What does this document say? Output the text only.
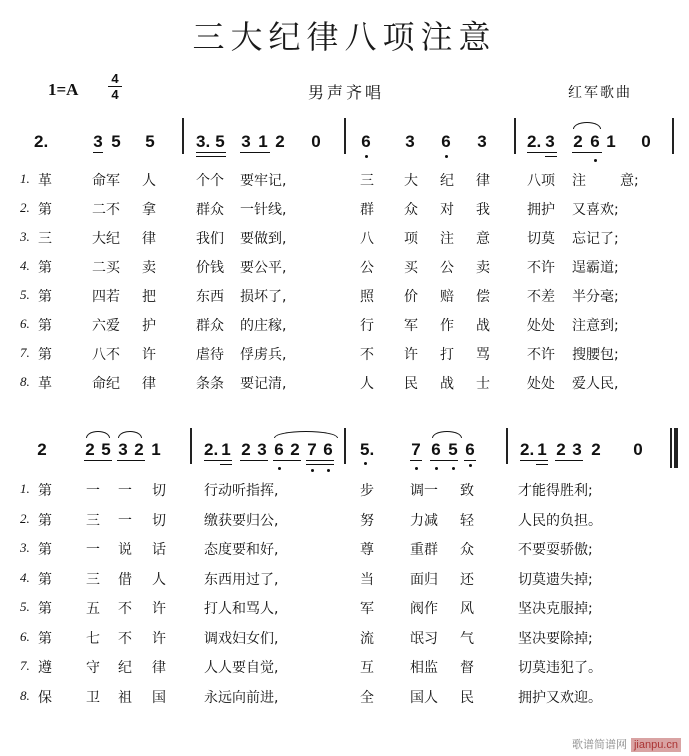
三大纪律八项注意
1=A
4
4	男声齐唱	红军歌曲
2.	3 5 5 3. 5 3 1 2 0 6 3 6 3 2. 3 2 6 1 0
2 2 5 3 2 1	2. 1 2 3 6 2 7 6 5. 7 6 5 6	2. 1 2 3 2 0
1. 革	命军 人	个个 要牢记,	三 大 纪 律	八项 注 意;
2. 第	二不 拿	群众 一针线,	群 众 对 我	拥护 又喜欢;
3. 三	大纪 律	我们 要做到,	八 项 注 意	切莫 忘记了;
4. 第	二买 卖	价钱 要公平,	公 买 公 卖	不许 逞霸道;
5. 第	四若 把	东西 损坏了,	照 价 赔 偿	不差 半分毫;
6. 第	六爱 护	群众 的庄稼,	行 军 作 战	处处 注意到;
7. 第	八不 许	虐待 俘虏兵,	不 许 打 骂	不许 搜腰包;
8. 革	命纪 律	条条 要记清,	人 民 战 士	处处 爱人民,
1. 第 一 一 切	行动听指挥,	步	调一 致	才能得胜利;
2. 第 三 一 切	缴获要归公,	努	力减 轻	人民的负担。
3. 第 一 说 话	态度要和好,	尊	重群 众	不要耍骄傲;
4. 第 三 借 人	东西用过了,	当	面归 还	切莫遗失掉;
5. 第 五 不 许	打人和骂人,	军	阀作 风	坚决克服掉;
6. 第 七 不 许	调戏妇女们,	流	氓习 气	坚决要除掉;
7. 遵 守 纪 律	人人要自觉,	互	相监 督	切莫违犯了。
8. 保 卫 祖 国	永远向前进,	全	国人 民	拥护又欢迎。
歌谱简谱网 jianpu.cn
